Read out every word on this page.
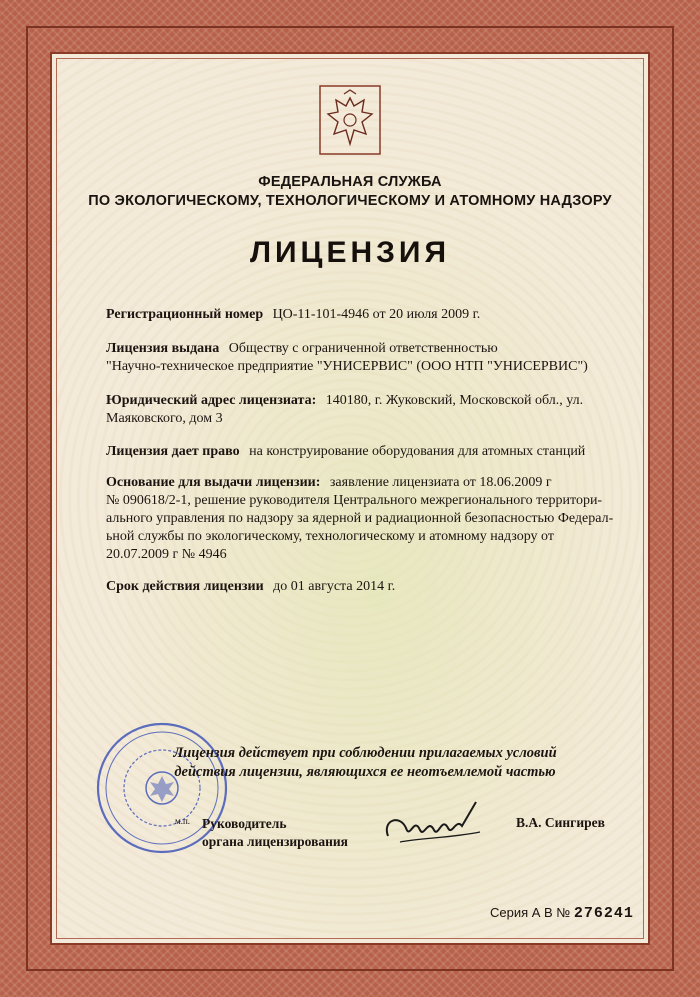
ФЕДЕРАЛЬНАЯ СЛУЖБА
ПО ЭКОЛОГИЧЕСКОМУ, ТЕХНОЛОГИЧЕСКОМУ И АТОМНОМУ НАДЗОРУ
ЛИЦЕНЗИЯ
Регистрационный номер ЦО-11-101-4946 от 20 июля 2009 г.
Лицензия выдана Обществу с ограниченной ответственностью
"Научно-техническое предприятие "УНИСЕРВИС" (ООО НТП "УНИСЕРВИС")
Юридический адрес лицензиата: 140180, г. Жуковский, Московской обл., ул.
Маяковского, дом 3
Лицензия дает право на конструирование оборудования для атомных станций
Основание для выдачи лицензии: заявление лицензиата от 18.06.2009 г
№ 090618/2-1, решение руководителя Центрального межрегионального территори-
ального управления по надзору за ядерной и радиационной безопасностью Федерал-
ьной службы по экологическому, технологическому и атомному надзору от
20.07.2009 г № 4946
Срок действия лицензии до 01 августа 2014 г.
Лицензия действует при соблюдении прилагаемых условий
действия лицензии, являющихся ее неотъемлемой частью
м.п. Руководитель
органа лицензирования
В.А. Сингирев
Серия А В № 276241
